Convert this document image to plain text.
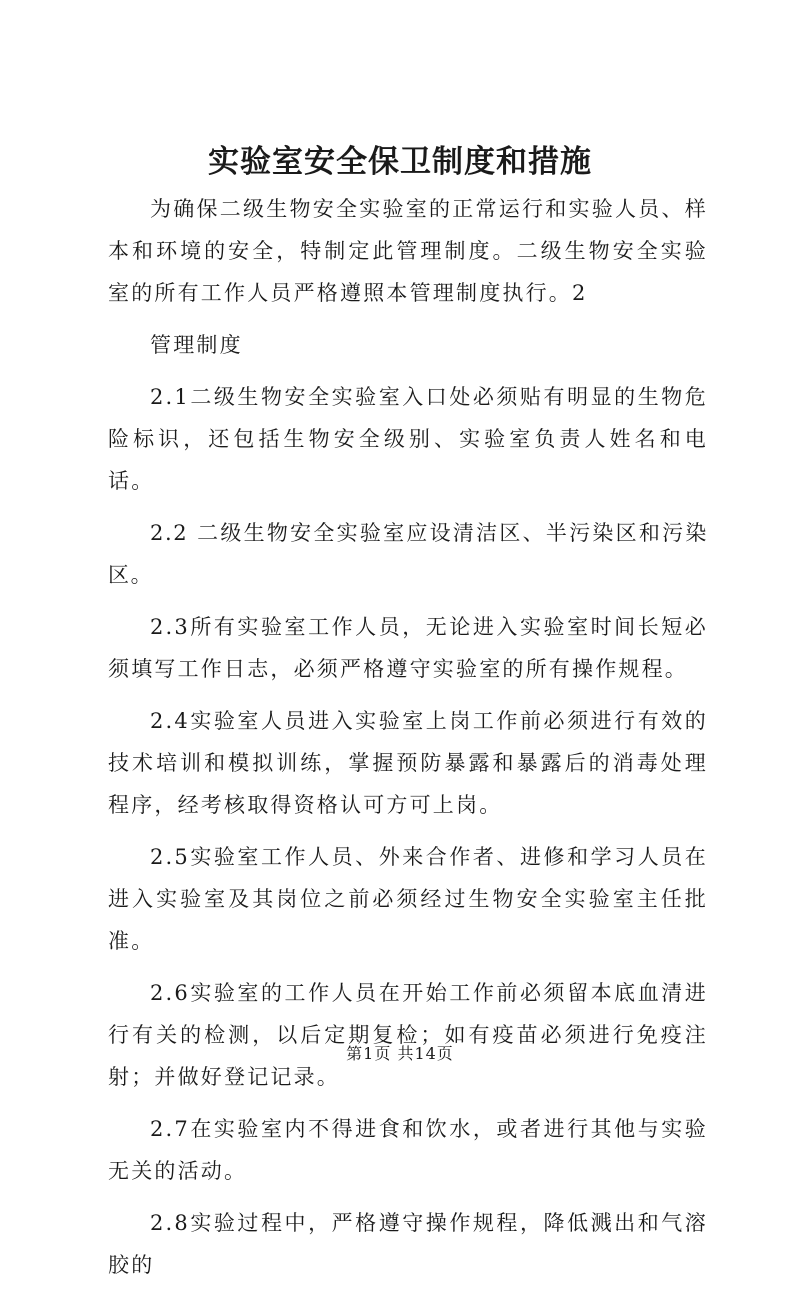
实验室安全保卫制度和措施

为确保二级生物安全实验室的正常运行和实验人员、样本和环境的安全，特制定此管理制度。二级生物安全实验室的所有工作人员严格遵照本管理制度执行。2

管理制度

2.1二级生物安全实验室入口处必须贴有明显的生物危险标识，还包括生物安全级别、实验室负责人姓名和电话。

2.2 二级生物安全实验室应设清洁区、半污染区和污染区。

2.3所有实验室工作人员，无论进入实验室时间长短必须填写工作日志，必须严格遵守实验室的所有操作规程。

2.4实验室人员进入实验室上岗工作前必须进行有效的技术培训和模拟训练，掌握预防暴露和暴露后的消毒处理程序，经考核取得资格认可方可上岗。

2.5实验室工作人员、外来合作者、进修和学习人员在进入实验室及其岗位之前必须经过生物安全实验室主任批准。

2.6实验室的工作人员在开始工作前必须留本底血清进行有关的检测，以后定期复检；如有疫苗必须进行免疫注射；并做好登记记录。

2.7在实验室内不得进食和饮水，或者进行其他与实验无关的活动。

2.8实验过程中，严格遵守操作规程，降低溅出和气溶胶的

第1页 共14页
